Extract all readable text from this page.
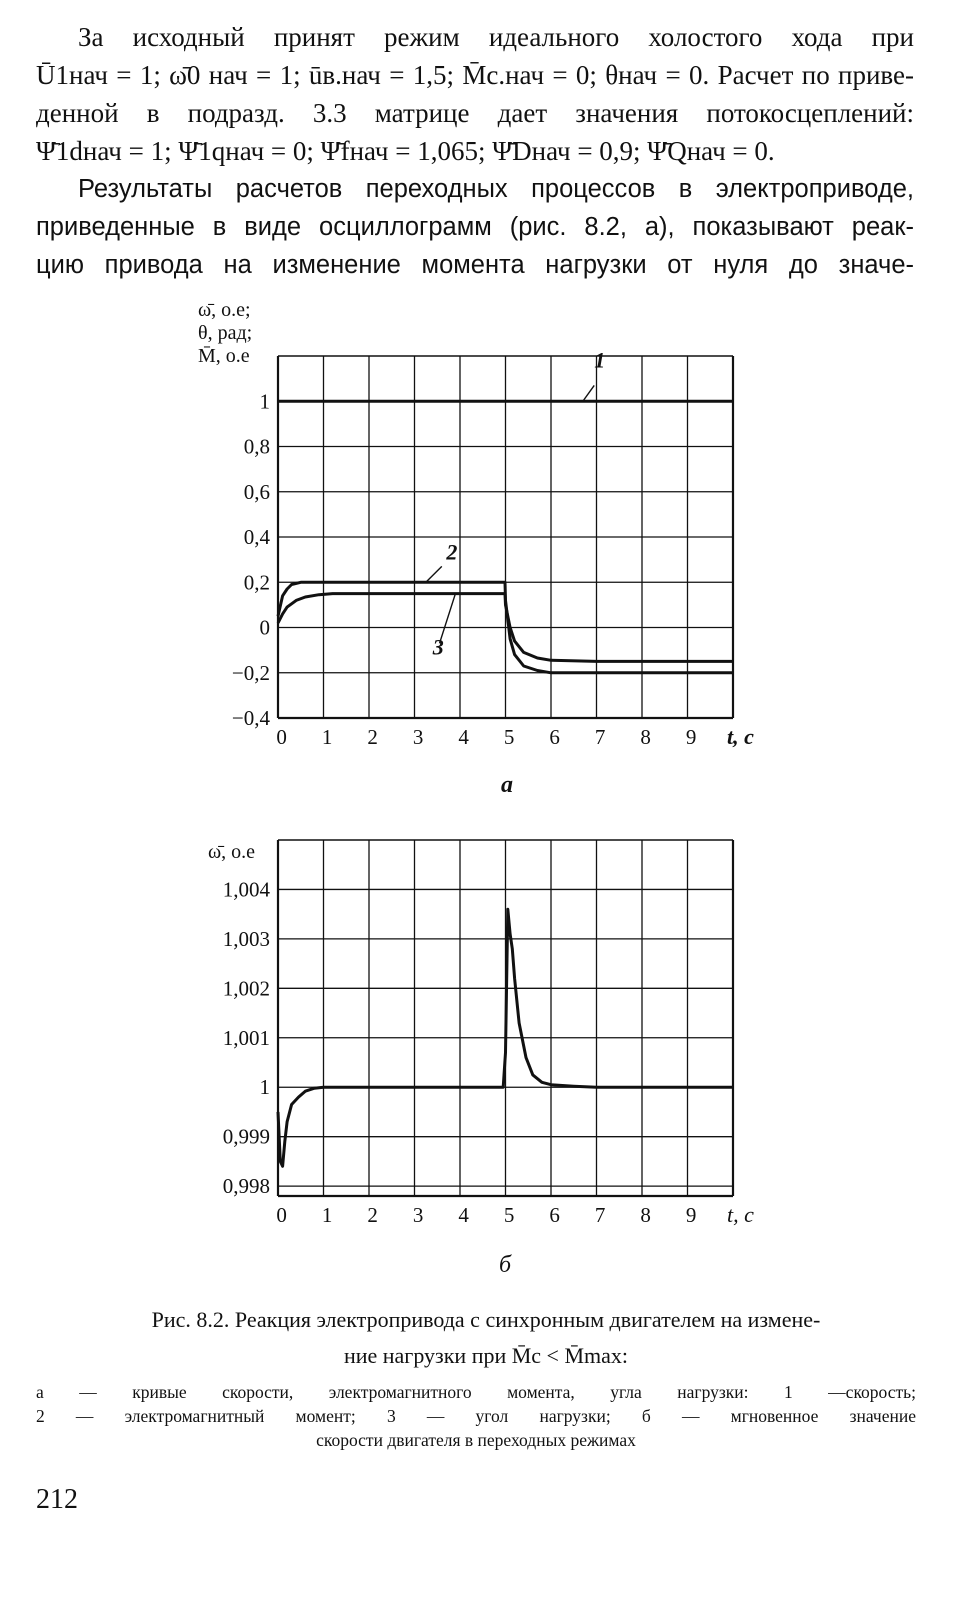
За исходный принят режим идеального холостого хода при
Ū1нач = 1; ω̄0 нач = 1; ūв.нач = 1,5; M̄с.нач = 0; θнач = 0. Расчет по приве-
денной в подразд. 3.3 матрице дает значения потокосцеплений:
Ψ̄1dнач = 1; Ψ̄1qнач = 0; Ψ̄fнач = 1,065; Ψ̄Dнач = 0,9; Ψ̄Qнач = 0.
Результаты расчетов переходных процессов в электроприводе,
приведенные в виде осциллограмм (рис. 8.2, а), показывают реак-
цию привода на изменение момента нагрузки от нуля до значе-
ω̄, о.е;
θ, рад;
M̄, о.е
1
0,8
0,6
0,4
0,2
0
−0,2
−0,4
0 1 2 3 4 5 6 7 8 9
1
2
3
t, с
а
ω̄, о.е
1,004
1,003
1,002
1,001
1
0,999
0,998
0 1 2 3 4 5 6 7 8 9 t, с
б
Рис. 8.2. Реакция электропривода с синхронным двигателем на измене-
ние нагрузки при M̄с < M̄max:
а — кривые скорости, электромагнитного момента, угла нагрузки: 1 —скорость;
2 — электромагнитный момент; 3 — угол нагрузки; б — мгновенное значение
скорости двигателя в переходных режимах
212
